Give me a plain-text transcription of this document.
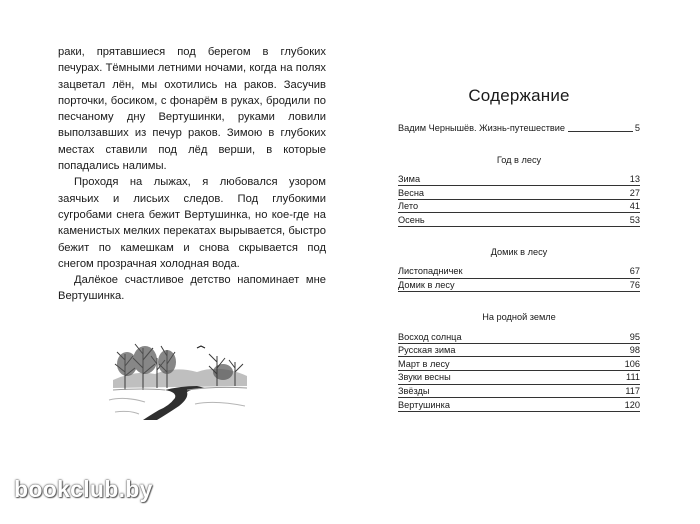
раки, прятавшиеся под берегом в глубоких печурах. Тёмными летними ночами, когда на полях зацветал лён, мы охотились на раков. Засучив порточки, босиком, с фонарём в руках, бродили по песчаному дну Вертушинки, руками ловили выползавших из печур раков. Зимою в глубоких местах ставили под лёд верши, в которые попадались налимы.

Проходя на лыжах, я любовался узором заячьих и лисьих следов. Под глубокими сугробами снега бежит Вертушинка, но кое-где на каменистых мелких перекатах вырывается, быстро бежит по камешкам и снова скрывается под снегом прозрачная холодная вода.

Далёкое счастливое детство напоминает мне Вертушинка.

Содержание
Вадим Чернышёв. Жизнь-путешествие	5
Год в лесу
Зима	13
Весна	27
Лето	41
Осень	53
Домик в лесу
Листопадничек	67
Домик в лесу	76
На родной земле
Восход солнца	95
Русская зима	98
Март в лесу	106
Звуки весны	111
Звёзды	117
Вертушинка	120
bookclub.by
